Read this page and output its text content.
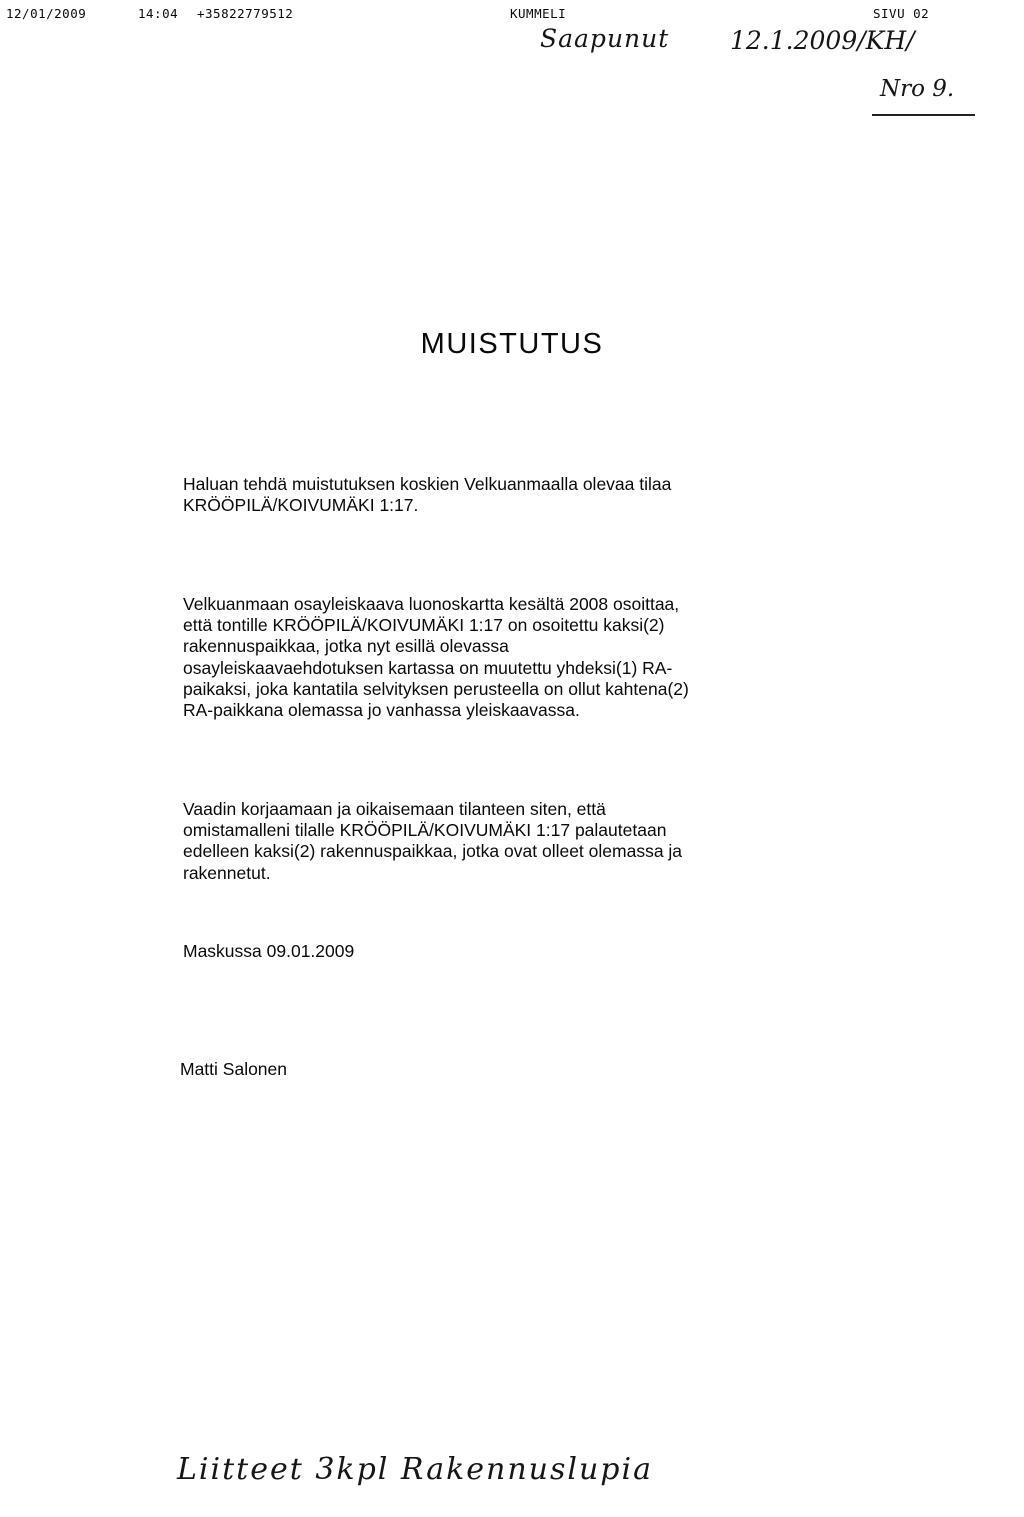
12/01/2009	14:04 +35822779512	KUMMELI	SIVU 02
Saapunut 12.1.2009/KH/
Nro 9.
MUISTUTUS
Haluan tehdä muistutuksen koskien Velkuanmaalla olevaa tilaa
KRÖÖPILÄ/KOIVUMÄKI 1:17.
Velkuanmaan osayleiskaava luonoskartta kesältä 2008 osoittaa,
että tontille KRÖÖPILÄ/KOIVUMÄKI 1:17 on osoitettu kaksi(2)
rakennuspaikkaa, jotka nyt esillä olevassa
osayleiskaavaehdotuksen kartassa on muutettu yhdeksi(1) RA-
paikaksi, joka kantatila selvityksen perusteella on ollut kahtena(2)
RA-paikkana olemassa jo vanhassa yleiskaavassa.
Vaadin korjaamaan ja oikaisemaan tilanteen siten, että
omistamalleni tilalle KRÖÖPILÄ/KOIVUMÄKI 1:17 palautetaan
edelleen kaksi(2) rakennuspaikkaa, jotka ovat olleet olemassa ja
rakennetut.
Maskussa 09.01.2009
Matti Salonen
Liitteet 3kpl Rakennuslupia
